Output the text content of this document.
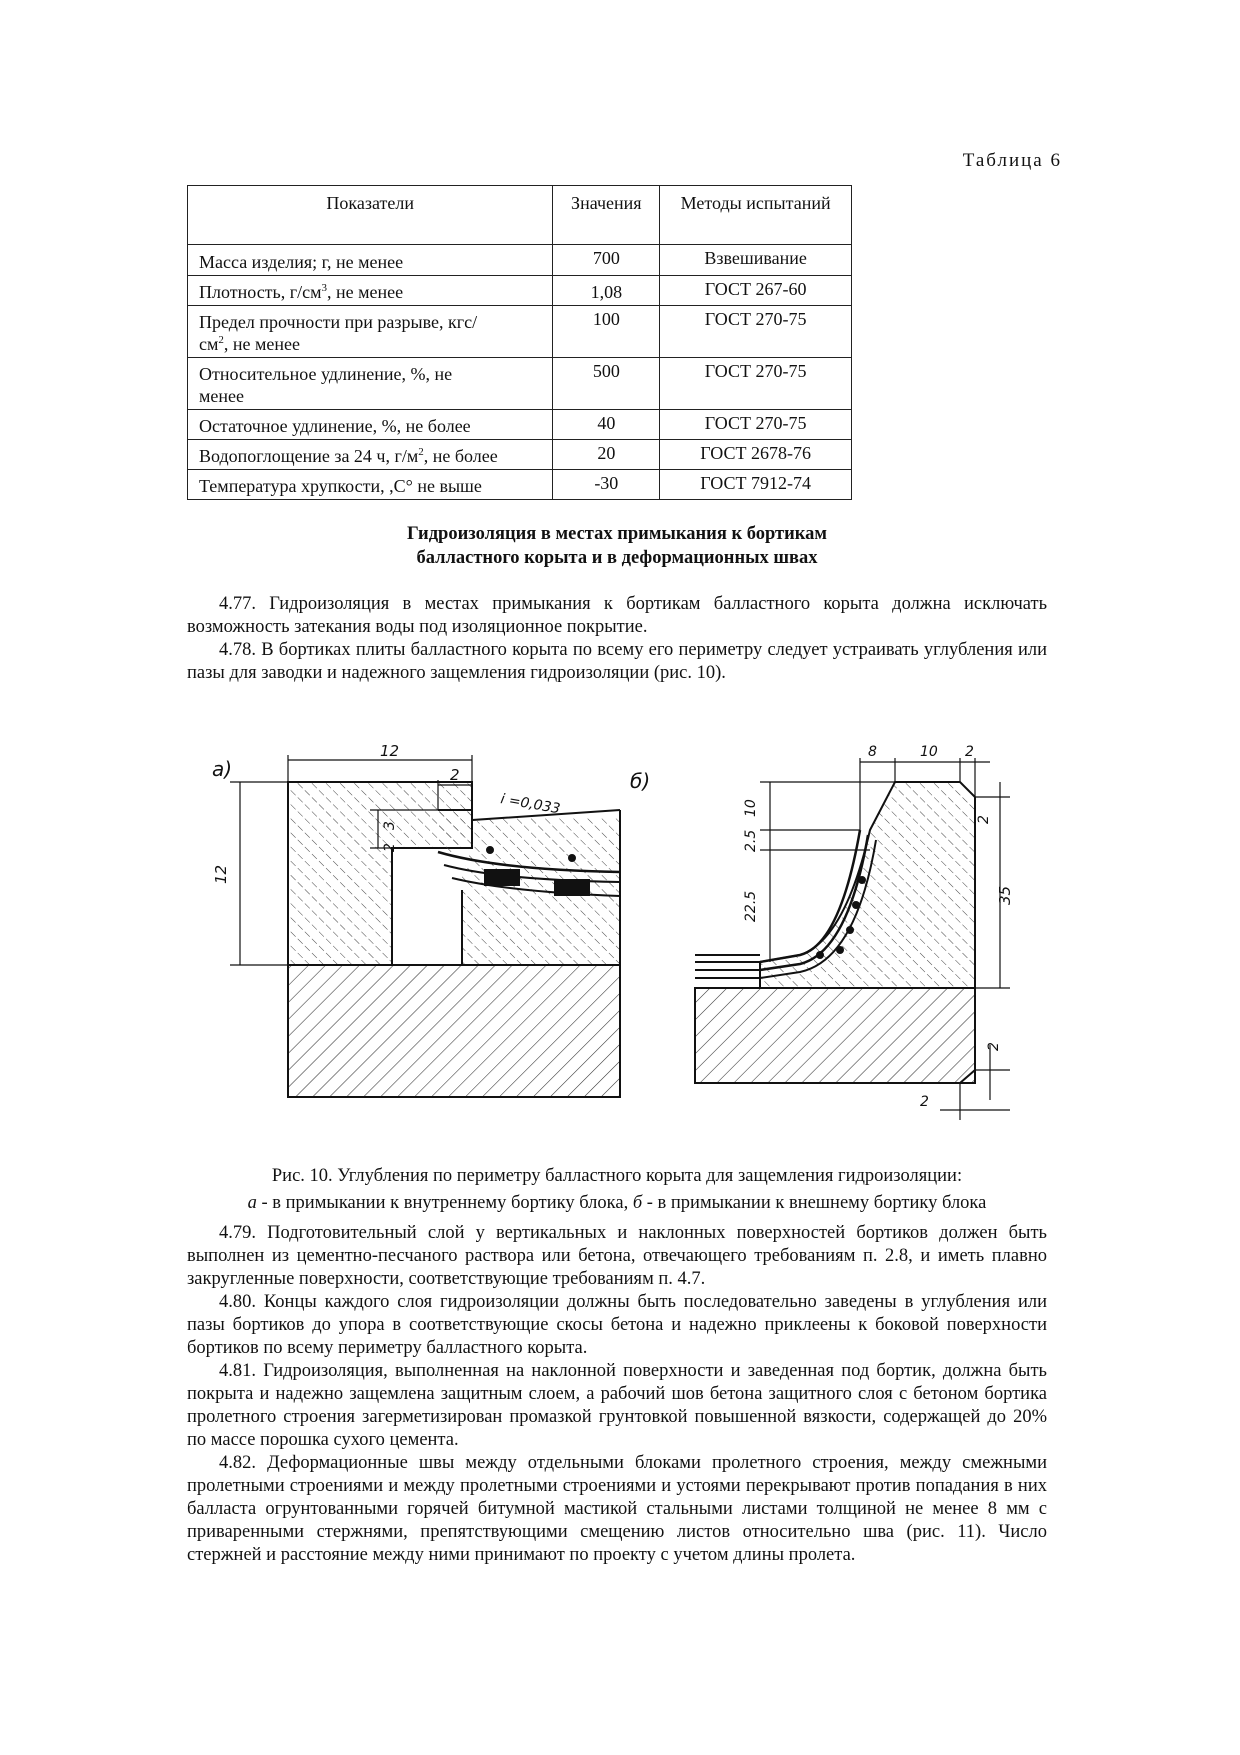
Таблица 6
Показатели	Значения	Методы испытаний
Масса изделия; г, не менее	700	Взвешивание
Плотность, $г/см^3$, не менее	1,08	ГОСТ 267-60
Предел прочности при разрыве, кгс/$см^2$, не менее	100	ГОСТ 270-75
Относительное удлинение, %, не менее	500	ГОСТ 270-75
Остаточное удлинение, %, не более	40	ГОСТ 270-75
Водопоглощение за 24 ч, $г/м^2$, не более	20	ГОСТ 2678-76
Температура хрупкости, ,С° не выше	-30	ГОСТ 7912-74
Гидроизоляция в местах примыкания к бортикам
балластного корыта и в деформационных швах

4.77. Гидроизоляция в местах примыкания к бортикам балластного корыта должна исключать возможность затекания воды под изоляционное покрытие.

4.78. В бортиках плиты балластного корыта по всему его периметру следует устраивать углубления или пазы для заводки и надежного защемления гидроизоляции (рис. 10).

а)
12
2
12
3
2
i =0,033
б)
8	10 2
10
2.5
22.5
2
35
2
2
Рис. 10. Углубления по периметру балластного корыта для защемления гидроизоляции:
а - в примыкании к внутреннему бортику блока, б - в примыкании к внешнему бортику блока

4.79. Подготовительный слой у вертикальных и наклонных поверхностей бортиков должен быть выполнен из цементно-песчаного раствора или бетона, отвечающего требованиям п. 2.8, и иметь плавно закругленные поверхности, соответствующие требованиям п. 4.7.

4.80. Концы каждого слоя гидроизоляции должны быть последовательно заведены в углубления или пазы бортиков до упора в соответствующие скосы бетона и надежно приклеены к боковой поверхности бортиков по всему периметру балластного корыта.

4.81. Гидроизоляция, выполненная на наклонной поверхности и заведенная под бортик, должна быть покрыта и надежно защемлена защитным слоем, а рабочий шов бетона защитного слоя с бетоном бортика пролетного строения загерметизирован промазкой грунтовкой повышенной вязкости, содержащей до 20% по массе порошка сухого цемента.

4.82. Деформационные швы между отдельными блоками пролетного строения, между смежными пролетными строениями и между пролетными строениями и устоями перекрывают против попадания в них балласта огрунтованными горячей битумной мастикой стальными листами толщиной не менее 8 мм с приваренными стержнями, препятствующими смещению листов относительно шва (рис. 11). Число стержней и расстояние между ними принимают по проекту с учетом длины пролета.
